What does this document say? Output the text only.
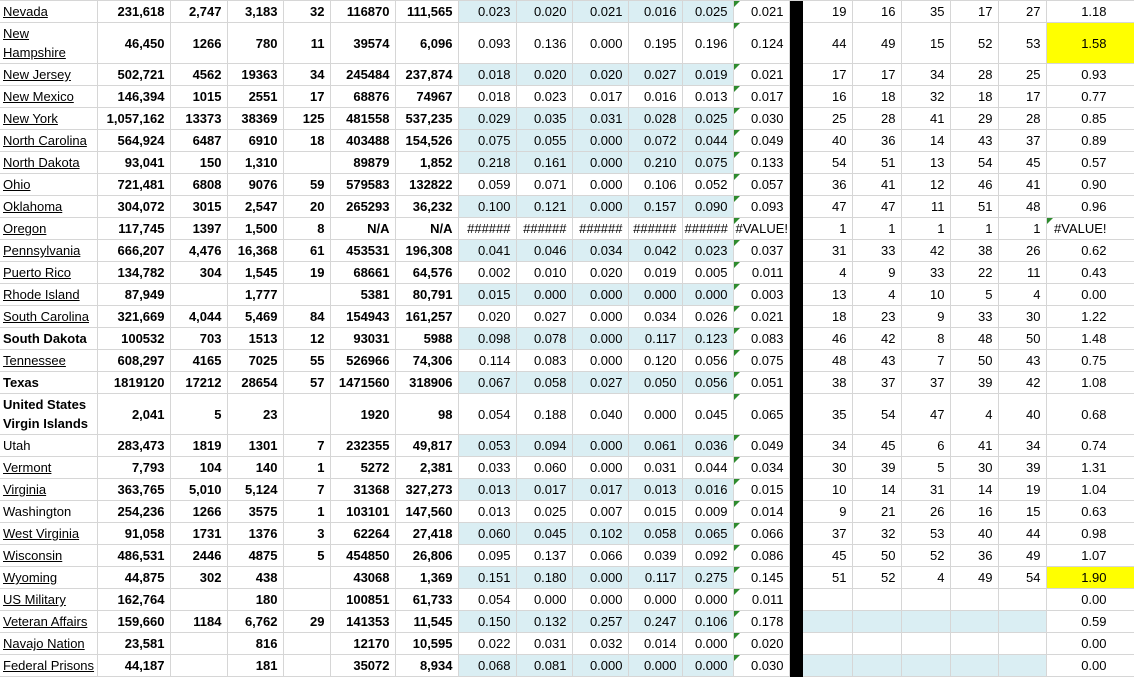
Nevada	231,618	2,747	3,183	32	116870	111,565	0.023	0.020	0.021	0.016	0.025	0.021		19	16	35	17	27	1.18
New Hampshire	46,450	1266	780	11	39574	6,096	0.093	0.136	0.000	0.195	0.196	0.124		44	49	15	52	53	1.58
New Jersey	502,721	4562	19363	34	245484	237,874	0.018	0.020	0.020	0.027	0.019	0.021		17	17	34	28	25	0.93
New Mexico	146,394	1015	2551	17	68876	74967	0.018	0.023	0.017	0.016	0.013	0.017		16	18	32	18	17	0.77
New York	1,057,162	13373	38369	125	481558	537,235	0.029	0.035	0.031	0.028	0.025	0.030		25	28	41	29	28	0.85
North Carolina	564,924	6487	6910	18	403488	154,526	0.075	0.055	0.000	0.072	0.044	0.049		40	36	14	43	37	0.89
North Dakota	93,041	150	1,310		89879	1,852	0.218	0.161	0.000	0.210	0.075	0.133		54	51	13	54	45	0.57
Ohio	721,481	6808	9076	59	579583	132822	0.059	0.071	0.000	0.106	0.052	0.057		36	41	12	46	41	0.90
Oklahoma	304,072	3015	2,547	20	265293	36,232	0.100	0.121	0.000	0.157	0.090	0.093		47	47	11	51	48	0.96
Oregon	117,745	1397	1,500	8	N/A	N/A	######	######	######	######	######	#VALUE!		1	1	1	1	1	#VALUE!

Pennsylvania	666,207	4,476	16,368	61	453531	196,308	0.041	0.046	0.034	0.042	0.023	0.037		31	33	42	38	26	0.62
Puerto Rico	134,782	304	1,545	19	68661	64,576	0.002	0.010	0.020	0.019	0.005	0.011		4	9	33	22	11	0.43
Rhode Island	87,949		1,777		5381	80,791	0.015	0.000	0.000	0.000	0.000	0.003		13	4	10	5	4	0.00
South Carolina	321,669	4,044	5,469	84	154943	161,257	0.020	0.027	0.000	0.034	0.026	0.021		18	23	9	33	30	1.22
South Dakota	100532	703	1513	12	93031	5988	0.098	0.078	0.000	0.117	0.123	0.083		46	42	8	48	50	1.48
Tennessee	608,297	4165	7025	55	526966	74,306	0.114	0.083	0.000	0.120	0.056	0.075		48	43	7	50	43	0.75
Texas	1819120	17212	28654	57	1471560	318906	0.067	0.058	0.027	0.050	0.056	0.051		38	37	37	39	42	1.08
United States Virgin Islands	2,041	5	23		1920	98	0.054	0.188	0.040	0.000	0.045	0.065		35	54	47	4	40	0.68
Utah	283,473	1819	1301	7	232355	49,817	0.053	0.094	0.000	0.061	0.036	0.049		34	45	6	41	34	0.74
Vermont	7,793	104	140	1	5272	2,381	0.033	0.060	0.000	0.031	0.044	0.034		30	39	5	30	39	1.31
Virginia	363,765	5,010	5,124	7	31368	327,273	0.013	0.017	0.017	0.013	0.016	0.015		10	14	31	14	19	1.04
Washington	254,236	1266	3575	1	103101	147,560	0.013	0.025	0.007	0.015	0.009	0.014		9	21	26	16	15	0.63
West Virginia	91,058	1731	1376	3	62264	27,418	0.060	0.045	0.102	0.058	0.065	0.066		37	32	53	40	44	0.98
Wisconsin	486,531	2446	4875	5	454850	26,806	0.095	0.137	0.066	0.039	0.092	0.086		45	50	52	36	49	1.07
Wyoming	44,875	302	438		43068	1,369	0.151	0.180	0.000	0.117	0.275	0.145		51	52	4	49	54	1.90
US Military	162,764		180		100851	61,733	0.054	0.000	0.000	0.000	0.000	0.011							0.00
Veteran Affairs	159,660	1184	6,762	29	141353	11,545	0.150	0.132	0.257	0.247	0.106	0.178							0.59
Navajo Nation	23,581		816		12170	10,595	0.022	0.031	0.032	0.014	0.000	0.020							0.00
Federal Prisons	44,187		181		35072	8,934	0.068	0.081	0.000	0.000	0.000	0.030							0.00
